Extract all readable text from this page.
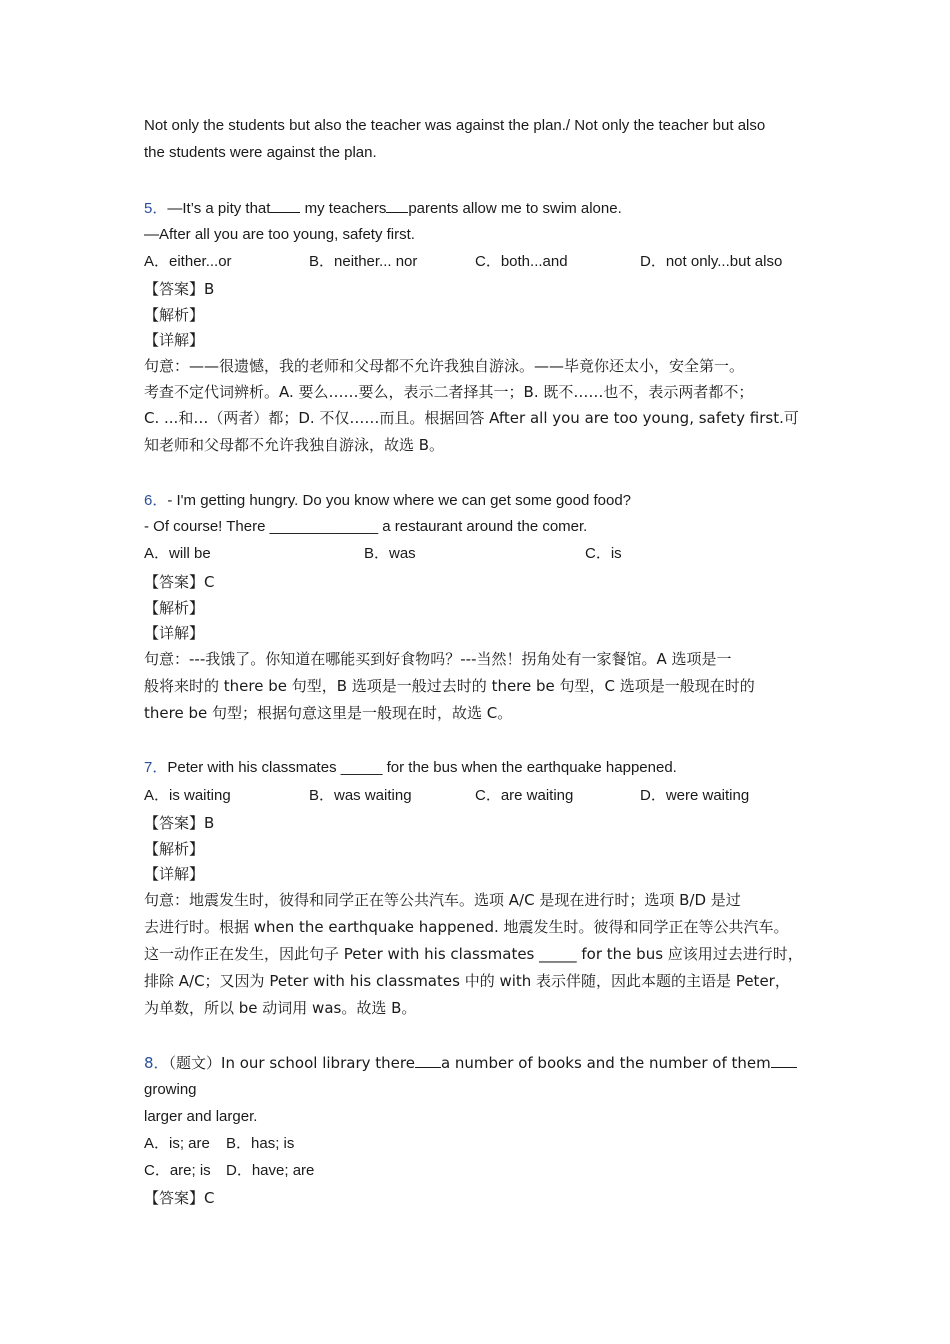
Not only the students but also the teacher was against the plan./ Not only the teacher but also
the students were against the plan.
5．—It’s a pity that my teachers parents allow me to swim alone.
—After all you are too young, safety first.
A．either...or	B．neither... nor	C．both...and	D．not only...but also
【答案】B
【解析】
【详解】
句意：——很遗憾，我的老师和父母都不允许我独自游泳。——毕竟你还太小，安全第一。
考查不定代词辨析。A. 要么……要么，表示二者择其一；B. 既不……也不，表示两者都不；
C. ...和…（两者）都；D. 不仅……而且。根据回答 After all you are too young, safety first.可
知老师和父母都不允许我独自游泳，故选 B。
6．- I'm getting hungry. Do you know where we can get some good food?
- Of course! There _____________ a restaurant around the comer.
A．will be	B．was	C．is
【答案】C
【解析】
【详解】
句意：---我饿了。你知道在哪能买到好食物吗？---当然！拐角处有一家餐馆。A 选项是一
般将来时的 there be 句型，B 选项是一般过去时的 there be 句型，C 选项是一般现在时的
there be 句型；根据句意这里是一般现在时，故选 C。
7．Peter with his classmates _____ for the bus when the earthquake happened.
A．is waiting	B．was waiting	C．are waiting	D．were waiting
【答案】B
【解析】
【详解】
句意：地震发生时，彼得和同学正在等公共汽车。选项 A/C 是现在进行时；选项 B/D 是过
去进行时。根据 when the earthquake happened. 地震发生时。彼得和同学正在等公共汽车。
这一动作正在发生，因此句子 Peter with his classmates _____ for the bus 应该用过去进行时，
排除 A/C；又因为 Peter with his classmates 中的 with 表示伴随，因此本题的主语是 Peter，
为单数，所以 be 动词用 was。故选 B。
8．（题文）In our school library there a number of books and the number of them
growing
larger and larger.
A．is; are B．has; is
C．are; is D．have; are
【答案】C
